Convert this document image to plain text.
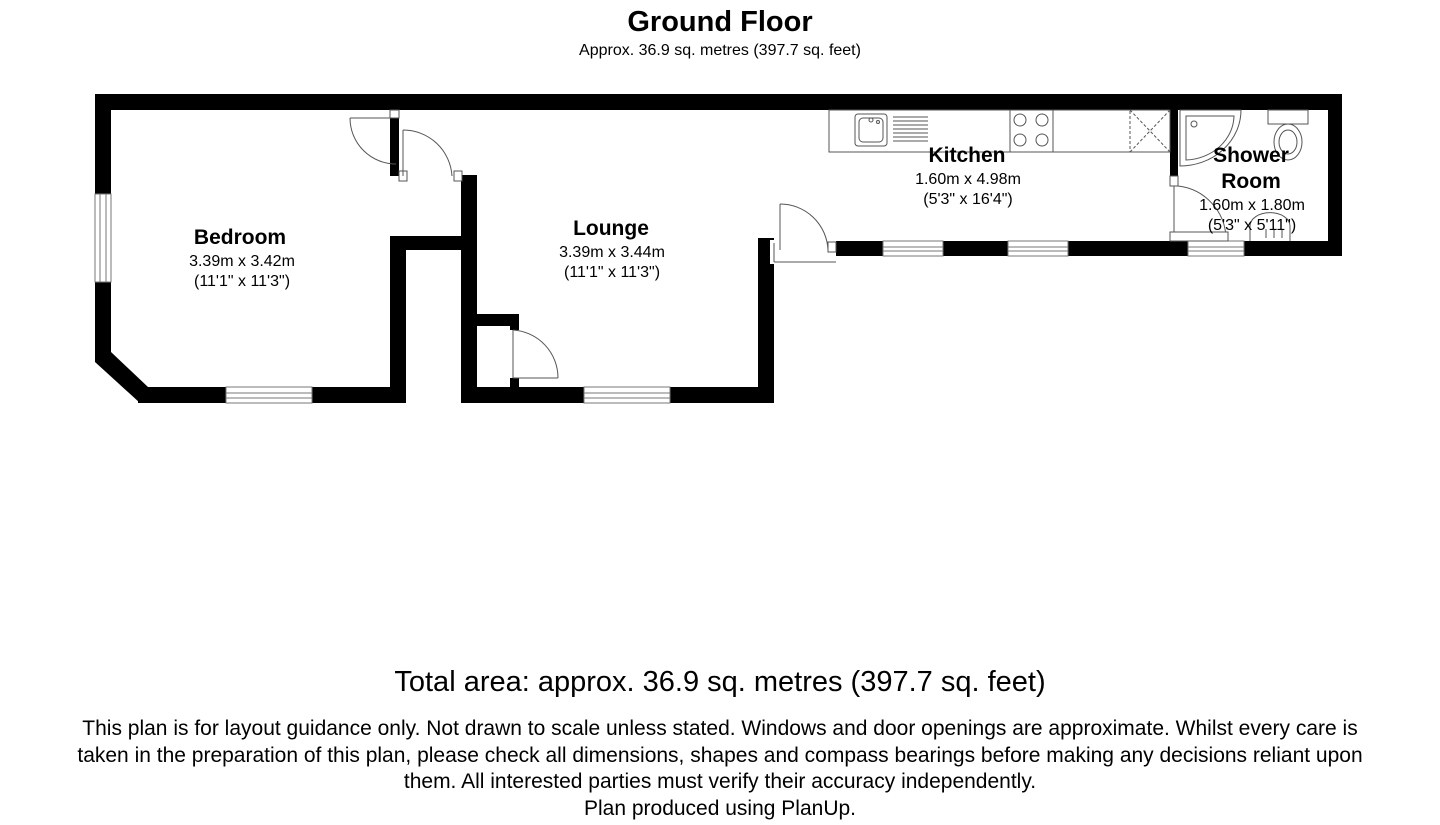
Ground Floor
Approx. 36.9 sq. metres (397.7 sq. feet)
Bedroom
3.39m x 3.42m
(11'1" x 11'3")
Lounge
3.39m x 3.44m
(11'1" x 11'3")
Kitchen
1.60m x 4.98m
(5'3" x 16'4")
Shower
Room
1.60m x 1.80m
(5'3" x 5'11")
Total area: approx. 36.9 sq. metres (397.7 sq. feet)
This plan is for layout guidance only. Not drawn to scale unless stated. Windows and door openings are approximate. Whilst every care is
taken in the preparation of this plan, please check all dimensions, shapes and compass bearings before making any decisions reliant upon
them. All interested parties must verify their accuracy independently.
Plan produced using PlanUp.
